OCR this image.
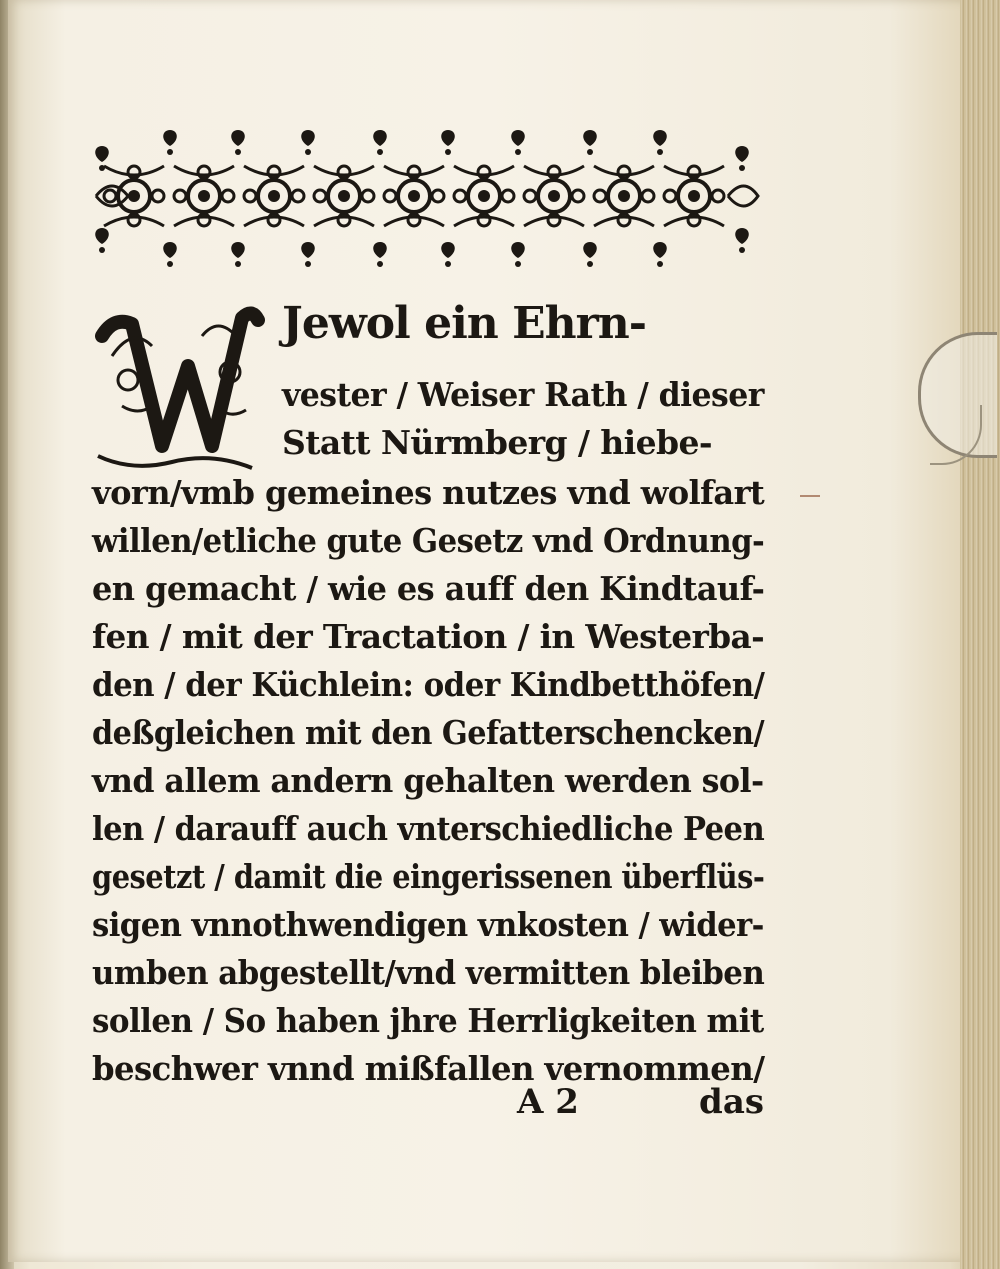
Jewol ein Ehrn-
vester / Weiser Rath / dieser
Statt Nürmberg / hiebe-
vorn/vmb gemeines nutzes vnd wolfart
willen/etliche gute Gesetz vnd Ordnung-
en gemacht / wie es auff den Kindtauf-
fen / mit der Tractation / in Westerba-
den / der Küchlein: oder Kindbetthöfen/
deßgleichen mit den Gefatterschencken/
vnd allem andern gehalten werden sol-
len / darauff auch vnterschiedliche Peen
gesetzt / damit die eingerissenen überflüs-
sigen vnnothwendigen vnkosten / wider-
umben abgestellt/vnd vermitten bleiben
sollen / So haben jhre Herrligkeiten mit
beschwer vnnd mißfallen vernommen/
A 2	das
